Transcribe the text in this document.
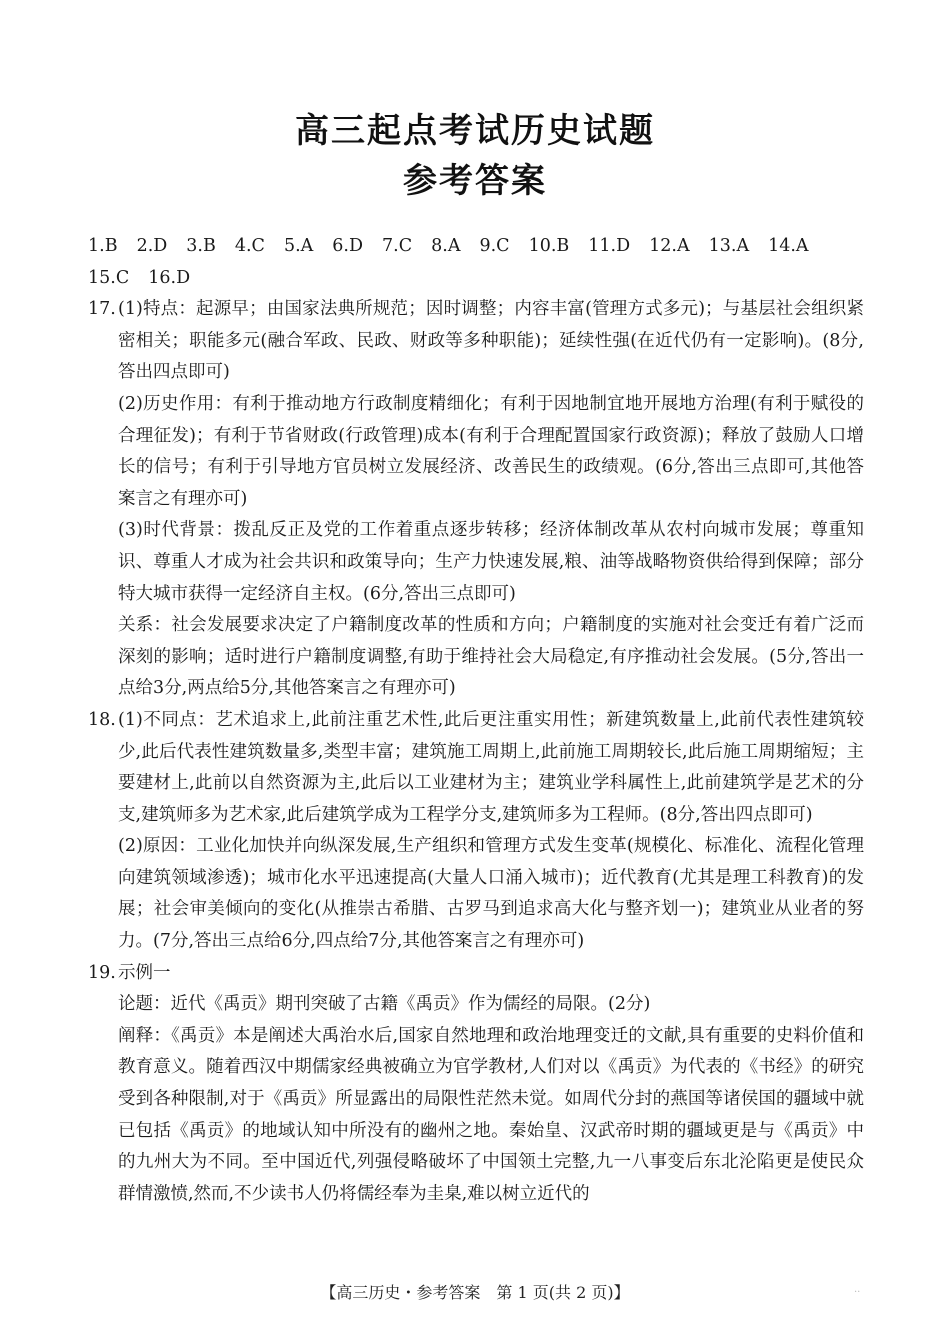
高三起点考试历史试题
参考答案

1.B 2.D 3.B 4.C 5.A 6.D 7.C 8.A 9.C 10.B 11.D 12.A 13.A 14.A 15.C 16.D

17. (1)特点：起源早；由国家法典所规范；因时调整；内容丰富(管理方式多元)；与基层社会组织紧密相关；职能多元(融合军政、民政、财政等多种职能)；延续性强(在近代仍有一定影响)。(8分,答出四点即可)

(2)历史作用：有利于推动地方行政制度精细化；有利于因地制宜地开展地方治理(有利于赋役的合理征发)；有利于节省财政(行政管理)成本(有利于合理配置国家行政资源)；释放了鼓励人口增长的信号；有利于引导地方官员树立发展经济、改善民生的政绩观。(6分,答出三点即可,其他答案言之有理亦可)

(3)时代背景：拨乱反正及党的工作着重点逐步转移；经济体制改革从农村向城市发展；尊重知识、尊重人才成为社会共识和政策导向；生产力快速发展,粮、油等战略物资供给得到保障；部分特大城市获得一定经济自主权。(6分,答出三点即可)

关系：社会发展要求决定了户籍制度改革的性质和方向；户籍制度的实施对社会变迁有着广泛而深刻的影响；适时进行户籍制度调整,有助于维持社会大局稳定,有序推动社会发展。(5分,答出一点给3分,两点给5分,其他答案言之有理亦可)

18. (1)不同点：艺术追求上,此前注重艺术性,此后更注重实用性；新建筑数量上,此前代表性建筑较少,此后代表性建筑数量多,类型丰富；建筑施工周期上,此前施工周期较长,此后施工周期缩短；主要建材上,此前以自然资源为主,此后以工业建材为主；建筑业学科属性上,此前建筑学是艺术的分支,建筑师多为艺术家,此后建筑学成为工程学分支,建筑师多为工程师。(8分,答出四点即可)

(2)原因：工业化加快并向纵深发展,生产组织和管理方式发生变革(规模化、标准化、流程化管理向建筑领域渗透)；城市化水平迅速提高(大量人口涌入城市)；近代教育(尤其是理工科教育)的发展；社会审美倾向的变化(从推崇古希腊、古罗马到追求高大化与整齐划一)；建筑业从业者的努力。(7分,答出三点给6分,四点给7分,其他答案言之有理亦可)

19. 示例一

论题：近代《禹贡》期刊突破了古籍《禹贡》作为儒经的局限。(2分)

阐释：《禹贡》本是阐述大禹治水后,国家自然地理和政治地理变迁的文献,具有重要的史料价值和教育意义。随着西汉中期儒家经典被确立为官学教材,人们对以《禹贡》为代表的《书经》的研究受到各种限制,对于《禹贡》所显露出的局限性茫然未觉。如周代分封的燕国等诸侯国的疆域中就已包括《禹贡》的地域认知中所没有的幽州之地。秦始皇、汉武帝时期的疆域更是与《禹贡》中的九州大为不同。至中国近代,列强侵略破坏了中国领土完整,九一八事变后东北沦陷更是使民众群情激愤,然而,不少读书人仍将儒经奉为圭臬,难以树立近代的

【高三历史・参考答案　第 1 页(共 2 页)】	..
